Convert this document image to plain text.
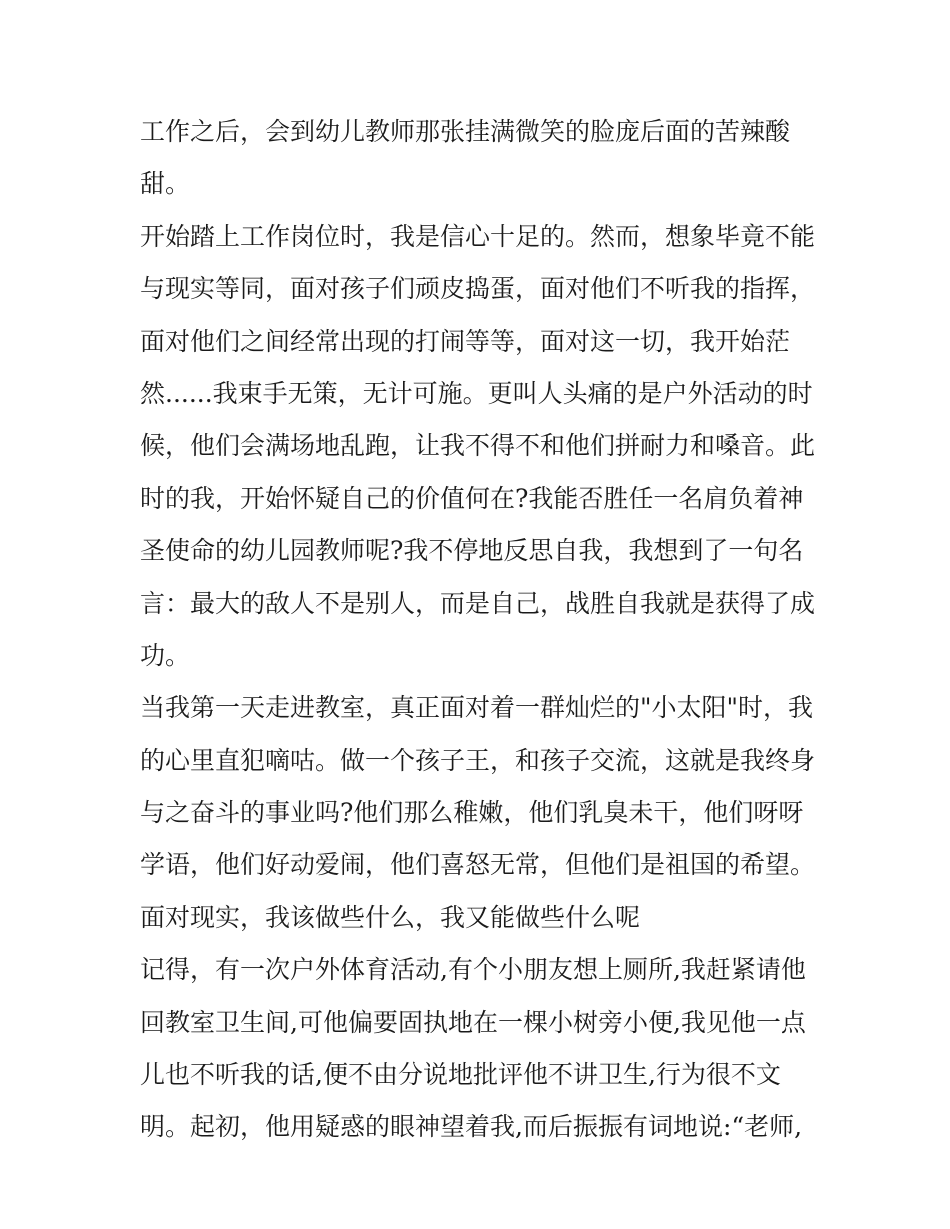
工作之后，会到幼儿教师那张挂满微笑的脸庞后面的苦辣酸
甜。
开始踏上工作岗位时，我是信心十足的。然而，想象毕竟不能
与现实等同，面对孩子们顽皮捣蛋，面对他们不听我的指挥，
面对他们之间经常出现的打闹等等，面对这一切，我开始茫
然......我束手无策，无计可施。更叫人头痛的是户外活动的时
候，他们会满场地乱跑，让我不得不和他们拼耐力和嗓音。此
时的我，开始怀疑自己的价值何在?我能否胜任一名肩负着神
圣使命的幼儿园教师呢?我不停地反思自我，我想到了一句名
言：最大的敌人不是别人，而是自己，战胜自我就是获得了成
功。
当我第一天走进教室，真正面对着一群灿烂的"小太阳"时，我
的心里直犯嘀咕。做一个孩子王，和孩子交流，这就是我终身
与之奋斗的事业吗?他们那么稚嫩，他们乳臭未干，他们呀呀
学语，他们好动爱闹，他们喜怒无常，但他们是祖国的希望。
面对现实，我该做些什么，我又能做些什么呢
记得，有一次户外体育活动,有个小朋友想上厕所,我赶紧请他
回教室卫生间,可他偏要固执地在一棵小树旁小便,我见他一点
儿也不听我的话,便不由分说地批评他不讲卫生,行为很不文
明。起初，他用疑惑的眼神望着我,而后振振有词地说:“老师,
